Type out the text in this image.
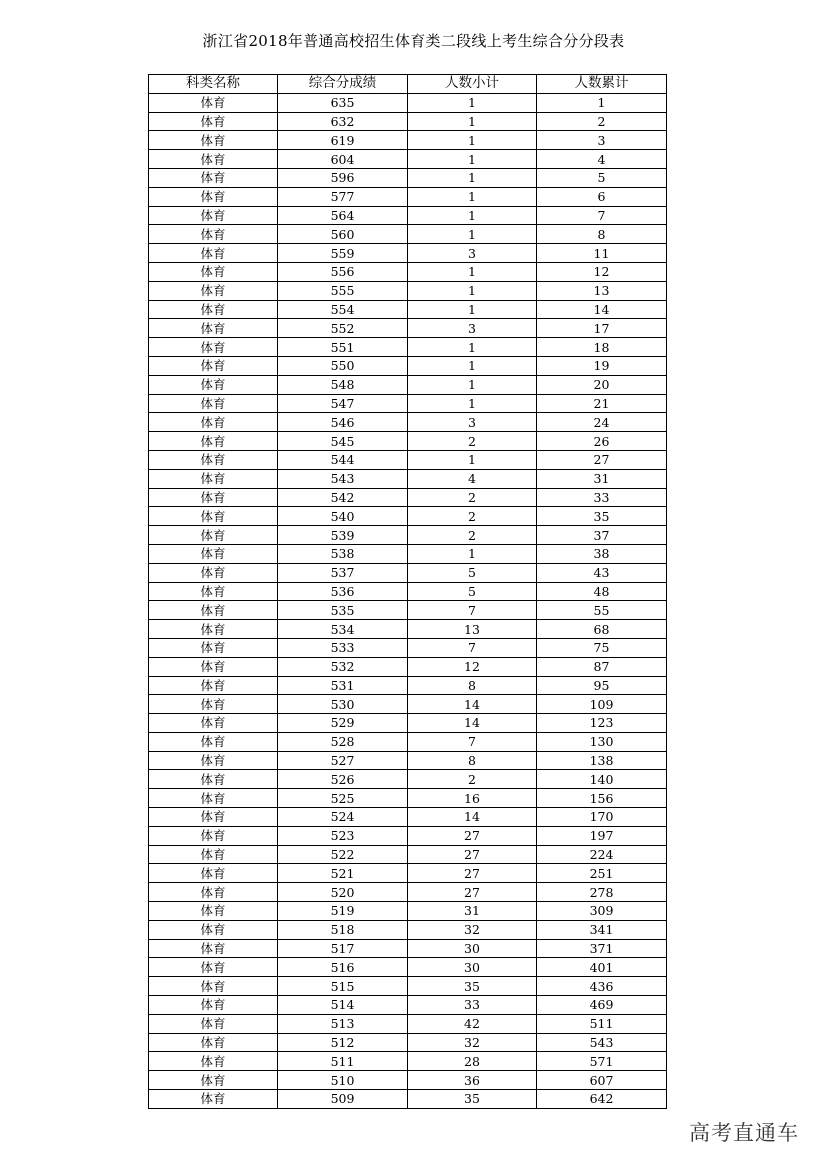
浙江省2018年普通高校招生体育类二段线上考生综合分分段表
科类名称	综合分成绩	人数小计	人数累计
体育	635	1	1
体育	632	1	2
体育	619	1	3
体育	604	1	4
体育	596	1	5
体育	577	1	6
体育	564	1	7
体育	560	1	8
体育	559	3	11
体育	556	1	12
体育	555	1	13
体育	554	1	14
体育	552	3	17
体育	551	1	18
体育	550	1	19
体育	548	1	20
体育	547	1	21
体育	546	3	24
体育	545	2	26
体育	544	1	27
体育	543	4	31
体育	542	2	33
体育	540	2	35
体育	539	2	37
体育	538	1	38
体育	537	5	43
体育	536	5	48
体育	535	7	55
体育	534	13	68
体育	533	7	75
体育	532	12	87
体育	531	8	95
体育	530	14	109
体育	529	14	123
体育	528	7	130
体育	527	8	138
体育	526	2	140
体育	525	16	156
体育	524	14	170
体育	523	27	197
体育	522	27	224
体育	521	27	251
体育	520	27	278
体育	519	31	309
体育	518	32	341
体育	517	30	371
体育	516	30	401
体育	515	35	436
体育	514	33	469
体育	513	42	511
体育	512	32	543
体育	511	28	571
体育	510	36	607
体育	509	35	642
高考直通车
